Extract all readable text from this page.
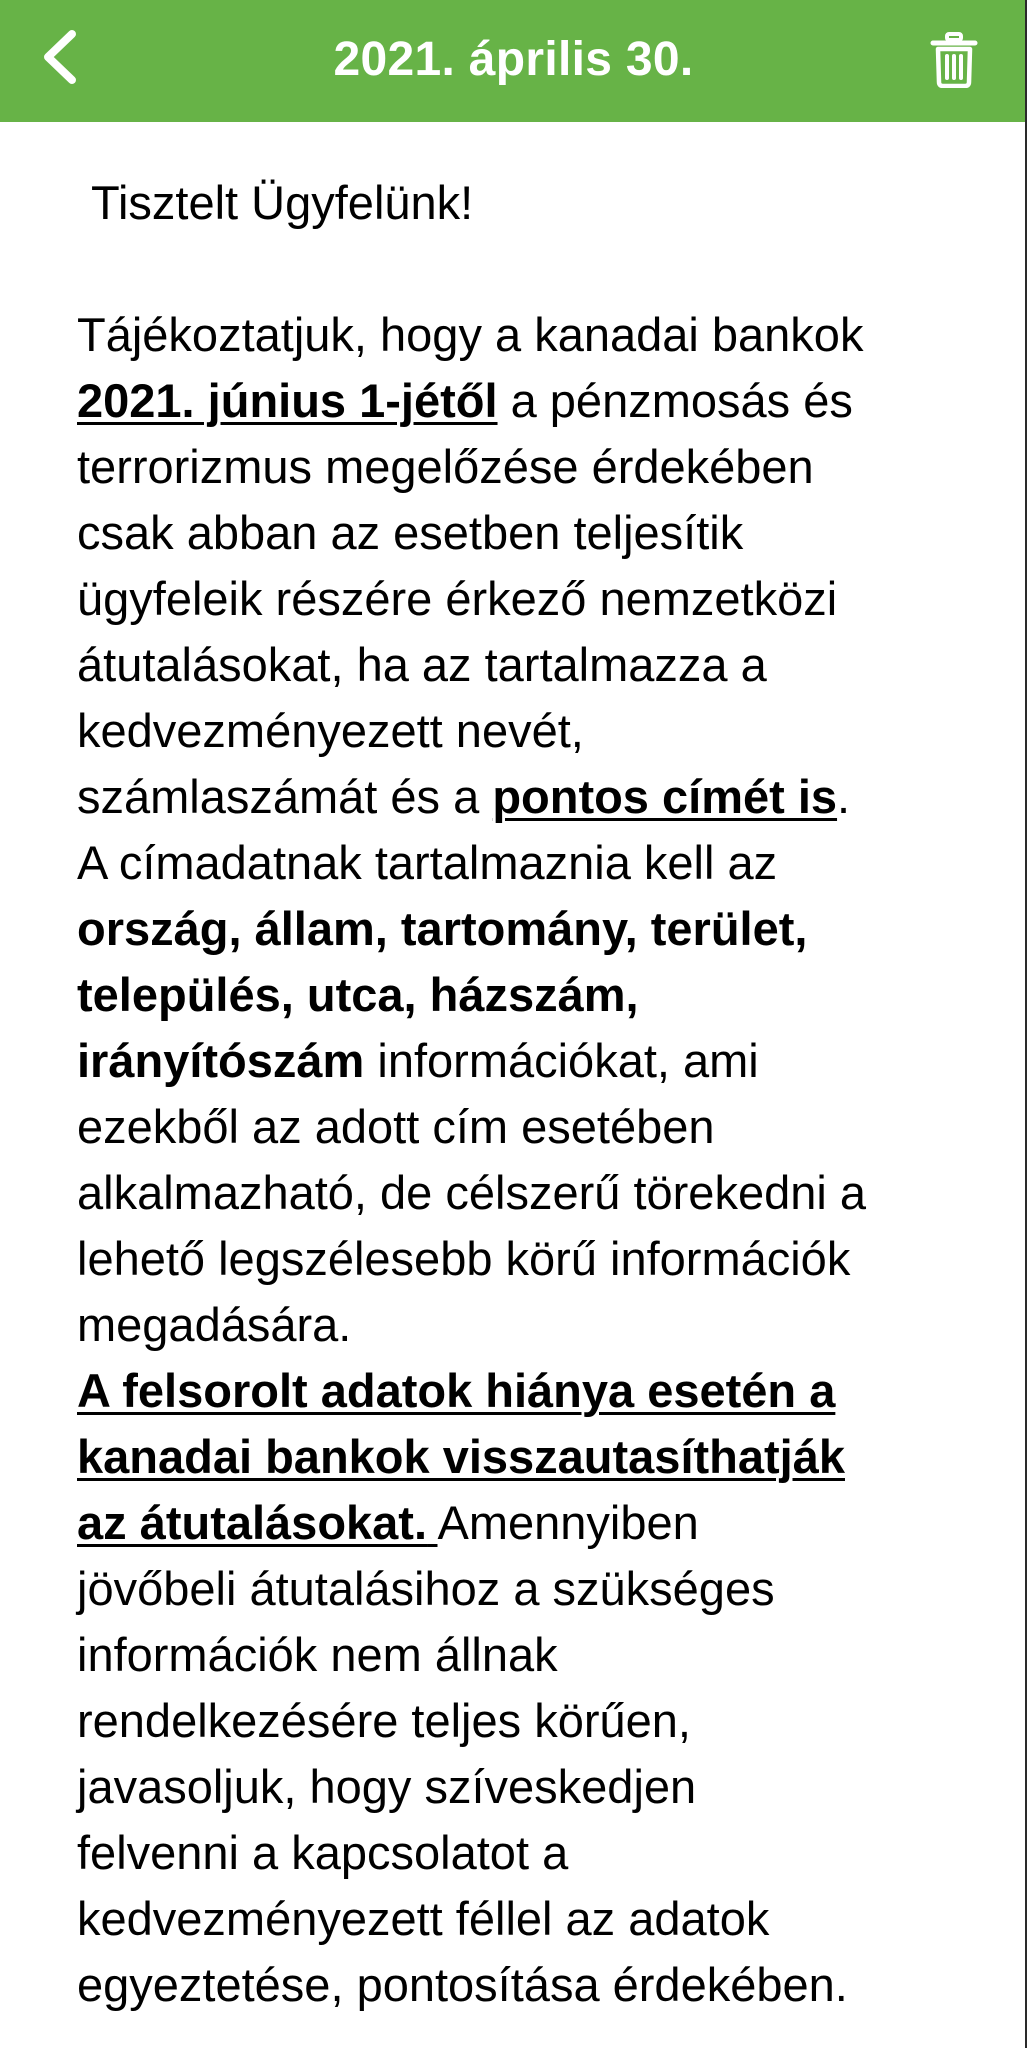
2021. április 30.

Tisztelt Ügyfelünk!

Tájékoztatjuk, hogy a kanadai bankok
2021. június 1-jétől a pénzmosás és
terrorizmus megelőzése érdekében
csak abban az esetben teljesítik
ügyfeleik részére érkező nemzetközi
átutalásokat, ha az tartalmazza a
kedvezményezett nevét,
számlaszámát és a pontos címét is.
A címadatnak tartalmaznia kell az
ország, állam, tartomány, terület,
település, utca, házszám,
irányítószám információkat, ami
ezekből az adott cím esetében
alkalmazható, de célszerű törekedni a
lehető legszélesebb körű információk
megadására.
A felsorolt adatok hiánya esetén a
kanadai bankok visszautasíthatják
az átutalásokat. Amennyiben
jövőbeli átutalásihoz a szükséges
információk nem állnak
rendelkezésére teljes körűen,
javasoljuk, hogy szíveskedjen
felvenni a kapcsolatot a
kedvezményezett féllel az adatok
egyeztetése, pontosítása érdekében.
